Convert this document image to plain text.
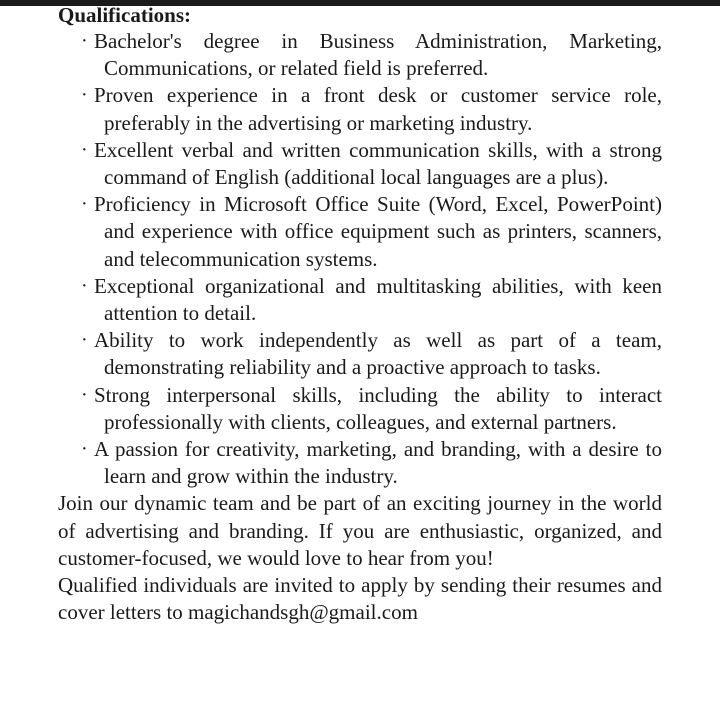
Qualifications:

· Bachelor's degree in Business Administration, Marketing, Communications, or related field is preferred.
· Proven experience in a front desk or customer service role, preferably in the advertising or marketing industry.
· Excellent verbal and written communication skills, with a strong command of English (additional local languages are a plus).
· Proficiency in Microsoft Office Suite (Word, Excel, PowerPoint) and experience with office equipment such as printers, scanners, and telecommunication systems.
· Exceptional organizational and multitasking abilities, with keen attention to detail.
· Ability to work independently as well as part of a team, demonstrating reliability and a proactive approach to tasks.
· Strong interpersonal skills, including the ability to interact professionally with clients, colleagues, and external partners.
· A passion for creativity, marketing, and branding, with a desire to learn and grow within the industry.

Join our dynamic team and be part of an exciting journey in the world of advertising and branding. If you are enthusiastic, organized, and customer-focused, we would love to hear from you!

Qualified individuals are invited to apply by sending their resumes and cover letters to magichandsgh@gmail.com
